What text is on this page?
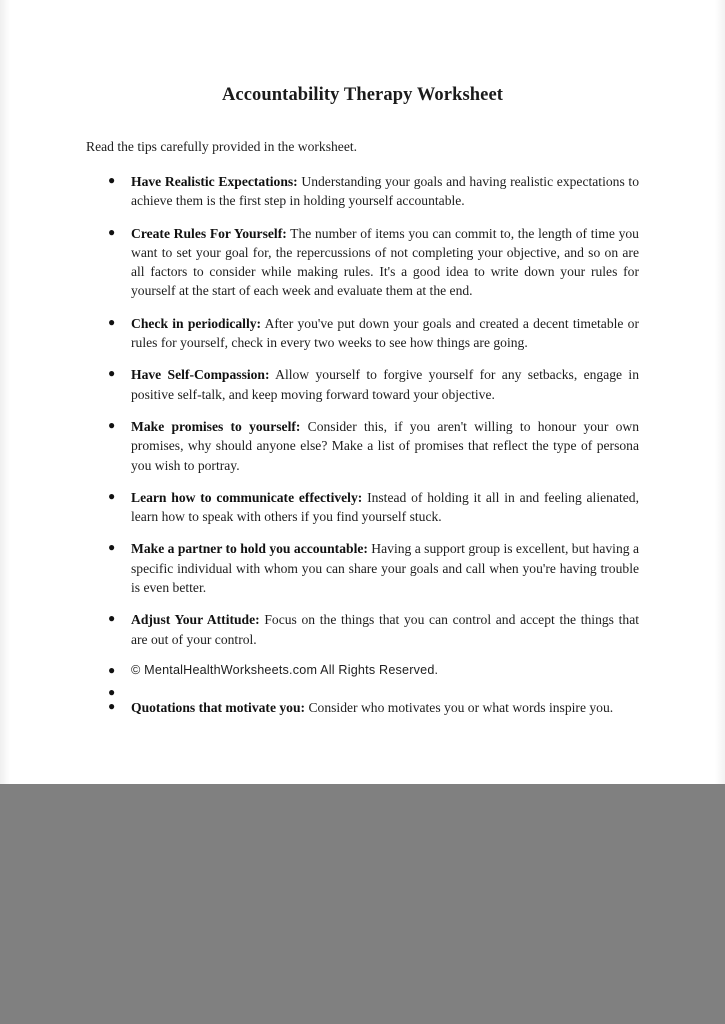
Accountability Therapy Worksheet
Read the tips carefully provided in the worksheet.
● Have Realistic Expectations: Understanding your goals and having realistic expectations to achieve them is the first step in holding yourself accountable.
● Create Rules For Yourself: The number of items you can commit to, the length of time you want to set your goal for, the repercussions of not completing your objective, and so on are all factors to consider while making rules. It's a good idea to write down your rules for yourself at the start of each week and evaluate them at the end.
● Check in periodically: After you've put down your goals and created a decent timetable or rules for yourself, check in every two weeks to see how things are going.
● Have Self-Compassion: Allow yourself to forgive yourself for any setbacks, engage in positive self-talk, and keep moving forward toward your objective.
● Make promises to yourself: Consider this, if you aren't willing to honour your own promises, why should anyone else? Make a list of promises that reflect the type of persona you wish to portray.
● Learn how to communicate effectively: Instead of holding it all in and feeling alienated, learn how to speak with others if you find yourself stuck.
● Make a partner to hold you accountable: Having a support group is excellent, but having a specific individual with whom you can share your goals and call when you're having trouble is even better.
● Adjust Your Attitude: Focus on the things that you can control and accept the things that are out of your control.
● © MentalHealthWorksheets.com All Rights Reserved.
●
● Quotations that motivate you: Consider who motivates you or what words inspire you.
